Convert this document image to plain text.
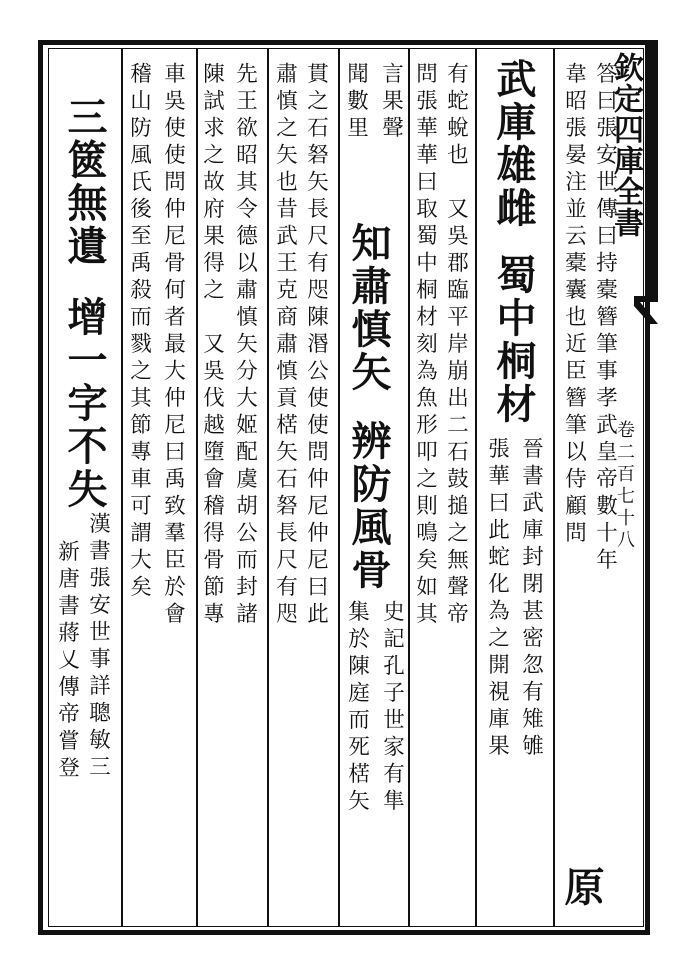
欽定四庫全書
卷二百七十八
答曰張安世傳曰持橐簪筆事孝武皇帝數十年
韋昭張晏注並云橐囊也近臣簪筆以侍顧問
原
武庫雄雌
蜀中桐材
晉書武庫封閉甚密忽有雉雊
張華曰此蛇化為之開視庫果
有蛇蛻也　又吳郡臨平岸崩出二石鼓搥之無聲帝
問張華華曰取蜀中桐材刻為魚形叩之則鳴矣如其
言果聲
聞數里
知肅慎矢
辨防風骨
史記孔子世家有隼
集於陳庭而死楛矢
貫之石砮矢長尺有咫陳湣公使使問仲尼仲尼曰此
肅慎之矢也昔武王克商肅慎貢楛矢石砮長尺有咫
先王欲昭其令德以肅慎矢分大姬配虞胡公而封諸
陳試求之故府果得之　又吳伐越墮會稽得骨節專
車吳使使問仲尼骨何者最大仲尼曰禹致羣臣於會
稽山防風氏後至禹殺而戮之其節專車可謂大矣
三篋無遺
增一字不失
漢書張安世事詳聰敏三
新唐書蔣乂傳帝嘗登
